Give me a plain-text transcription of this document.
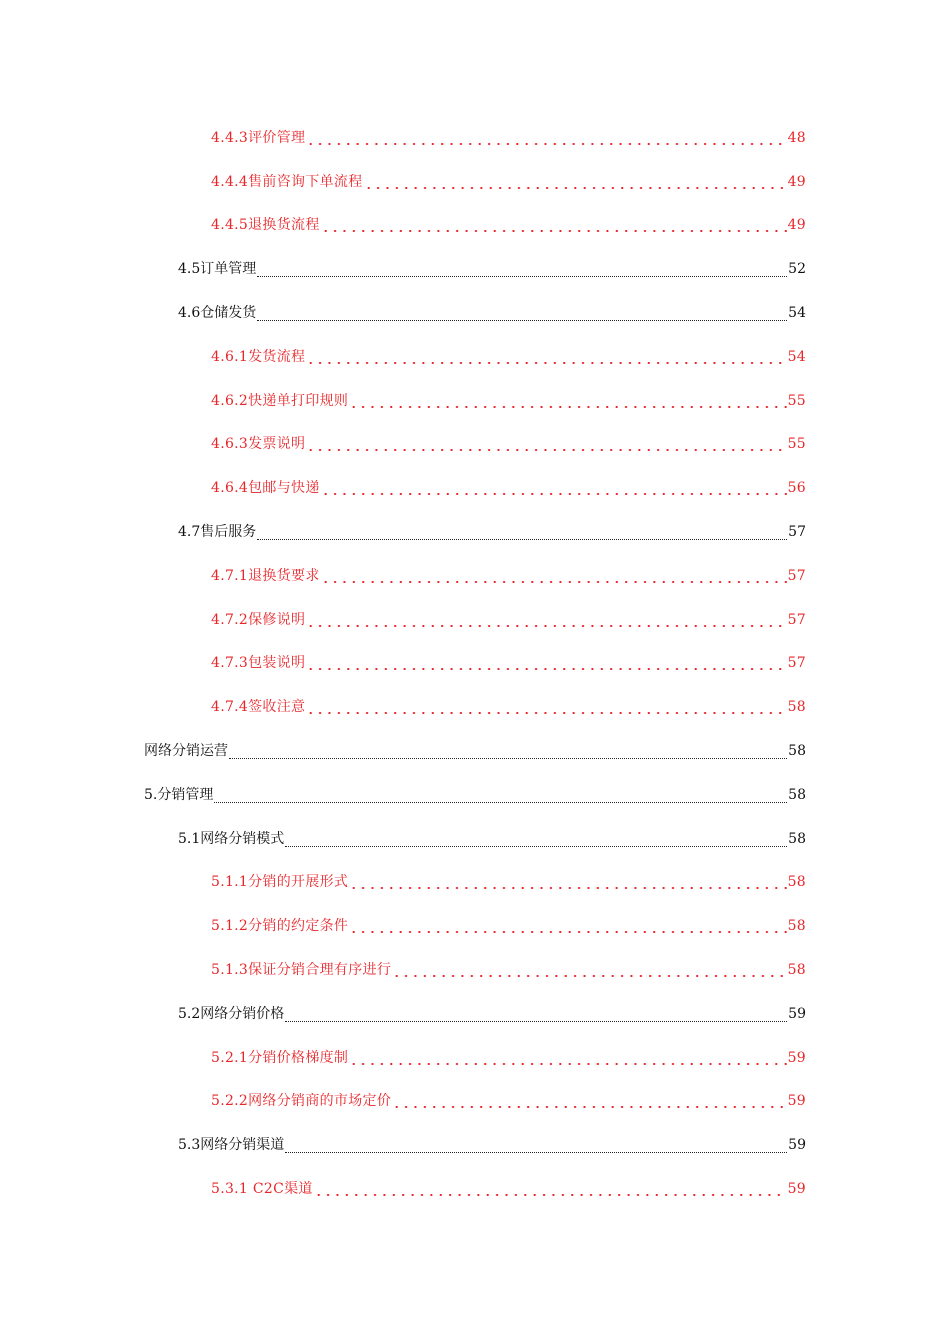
4.4.3评价管理	48
4.4.4售前咨询下单流程	49
4.4.5退换货流程	49
4.5订单管理	52
4.6仓储发货	54
4.6.1发货流程	54
4.6.2快递单打印规则	55
4.6.3发票说明	55
4.6.4包邮与快递	56
4.7售后服务	57
4.7.1退换货要求	57
4.7.2保修说明	57
4.7.3包装说明	57
4.7.4签收注意	58
网络分销运营	58
5.分销管理	58
5.1网络分销模式	58
5.1.1分销的开展形式	58
5.1.2分销的约定条件	58
5.1.3保证分销合理有序进行	58
5.2网络分销价格	59
5.2.1分销价格梯度制	59
5.2.2网络分销商的市场定价	59
5.3网络分销渠道	59
5.3.1 C2C渠道	59
